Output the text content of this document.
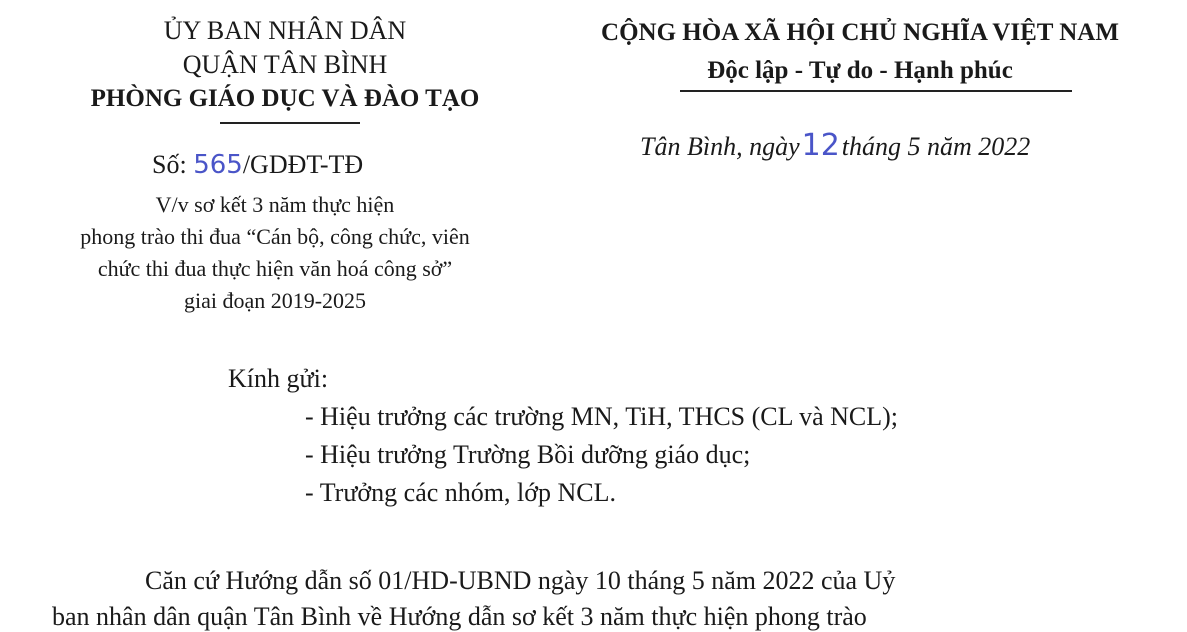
ỦY BAN NHÂN DÂN
QUẬN TÂN BÌNH
PHÒNG GIÁO DỤC VÀ ĐÀO TẠO
CỘNG HÒA XÃ HỘI CHỦ NGHĨA VIỆT NAM
Độc lập - Tự do - Hạnh phúc
Tân Bình, ngày12tháng 5 năm 2022
Số: 565/GDĐT-TĐ
V/v sơ kết 3 năm thực hiện
phong trào thi đua “Cán bộ, công chức, viên
chức thi đua thực hiện văn hoá công sở”
giai đoạn 2019-2025
Kính gửi:
- Hiệu trưởng các trường MN, TiH, THCS (CL và NCL);
- Hiệu trưởng Trường Bồi dưỡng giáo dục;
- Trưởng các nhóm, lớp NCL.
Căn cứ Hướng dẫn số 01/HD-UBND ngày 10 tháng 5 năm 2022 của Uỷ
ban nhân dân quận Tân Bình về Hướng dẫn sơ kết 3 năm thực hiện phong trào
